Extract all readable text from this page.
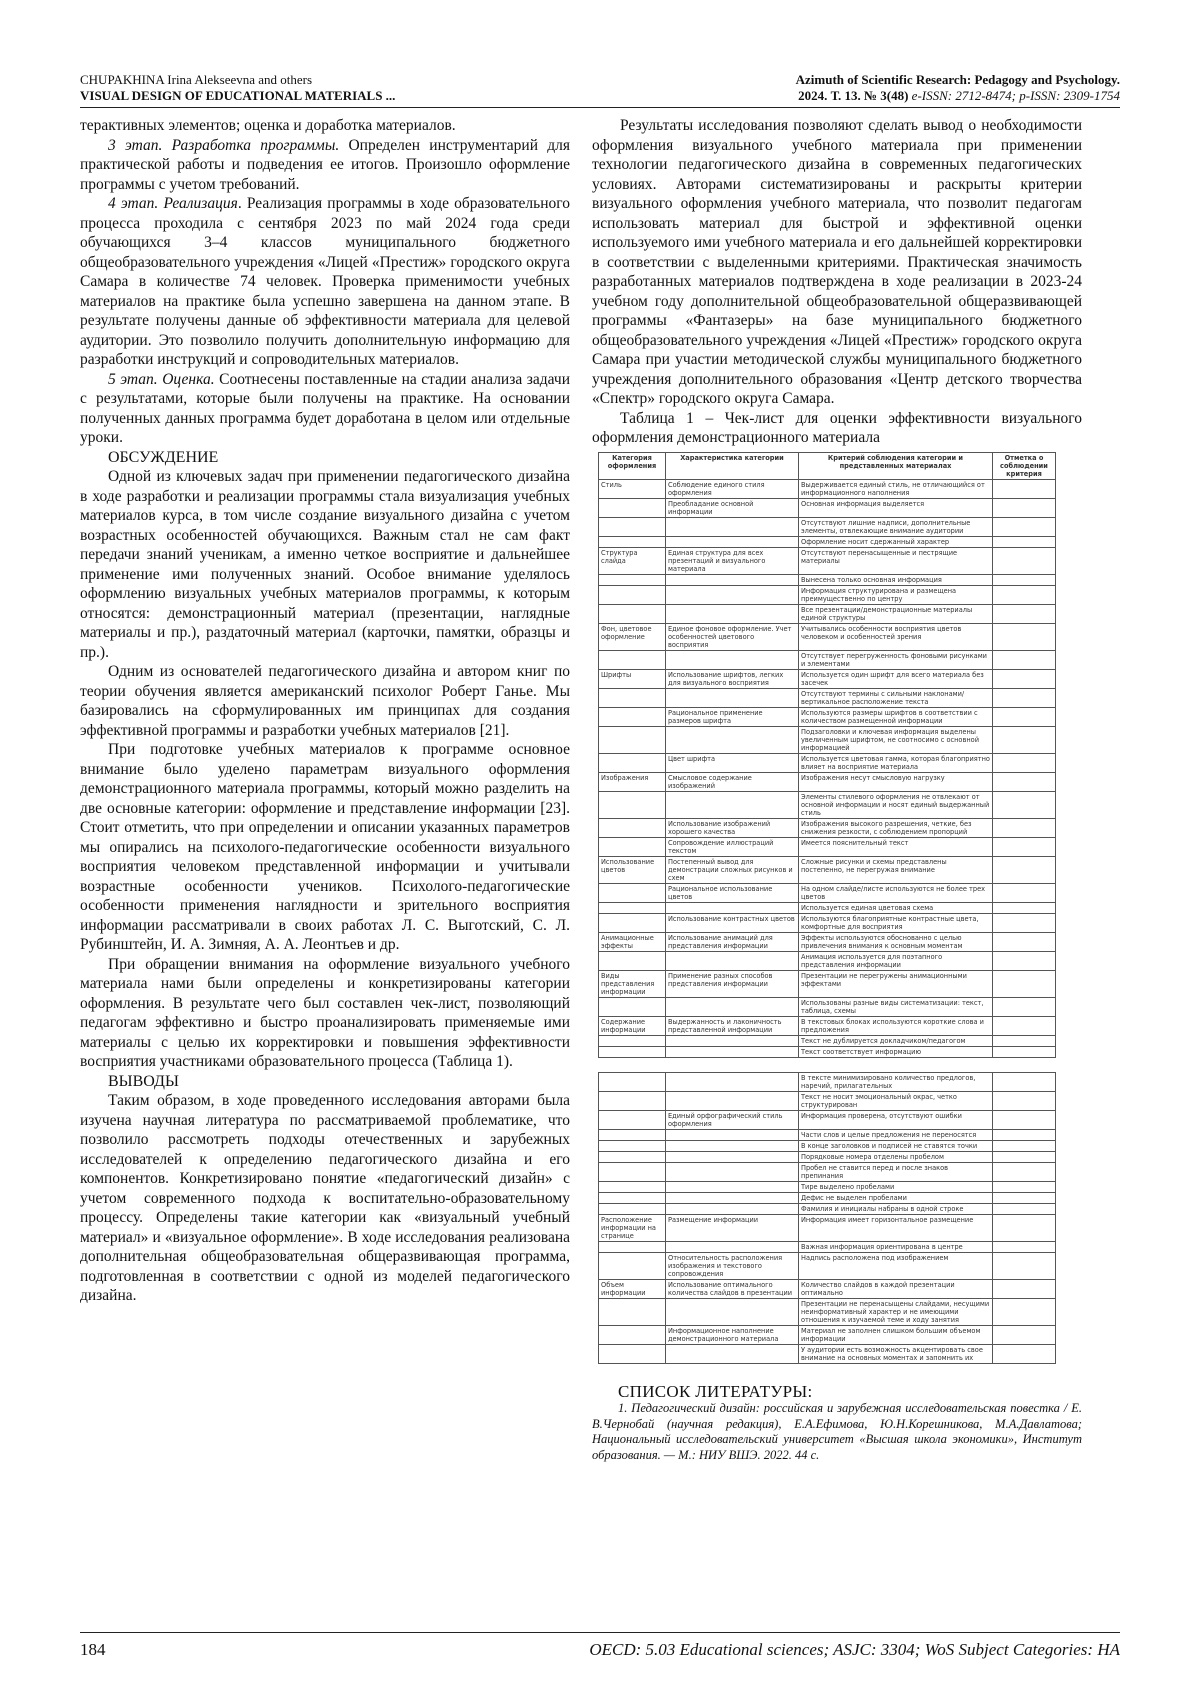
CHUPAKHINA Irina Alekseevna and others
VISUAL DESIGN OF EDUCATIONAL MATERIALS ...
Azimuth of Scientific Research: Pedagogy and Psychology.
2024. Т. 13. № 3(48) e-ISSN: 2712-8474; p-ISSN: 2309-1754

терактивных элементов; оценка и доработка материалов.

3 этап. Разработка программы. Определен инструментарий для практической работы и подведения ее итогов. Произошло оформление программы с учетом требований.

4 этап. Реализация. Реализация программы в ходе образовательного процесса проходила с сентября 2023 по май 2024 года среди обучающихся 3–4 классов муниципального бюджетного общеобразовательного учреждения «Лицей «Престиж» городского округа Самара в количестве 74 человек. Проверка применимости учебных материалов на практике была успешно завершена на данном этапе. В результате получены данные об эффективности материала для целевой аудитории. Это позволило получить дополнительную информацию для разработки инструкций и сопроводительных материалов.

5 этап. Оценка. Соотнесены поставленные на стадии анализа задачи с результатами, которые были получены на практике. На основании полученных данных программа будет доработана в целом или отдельные уроки.

ОБСУЖДЕНИЕ

Одной из ключевых задач при применении педагогического дизайна в ходе разработки и реализации программы стала визуализация учебных материалов курса, в том числе создание визуального дизайна с учетом возрастных особенностей обучающихся. Важным стал не сам факт передачи знаний ученикам, а именно четкое восприятие и дальнейшее применение ими полученных знаний. Особое внимание уделялось оформлению визуальных учебных материалов программы, к которым относятся: демонстрационный материал (презентации, наглядные материалы и пр.), раздаточный материал (карточки, памятки, образцы и пр.).

Одним из основателей педагогического дизайна и автором книг по теории обучения является американский психолог Роберт Ганье. Мы базировались на сформулированных им принципах для создания эффективной программы и разработки учебных материалов [21].

При подготовке учебных материалов к программе основное внимание было уделено параметрам визуального оформления демонстрационного материала программы, который можно разделить на две основные категории: оформление и представление информации [23]. Стоит отметить, что при определении и описании указанных параметров мы опирались на психолого-педагогические особенности визуального восприятия человеком представленной информации и учитывали возрастные особенности учеников. Психолого-педагогические особенности применения наглядности и зрительного восприятия информации рассматривали в своих работах Л. С. Выготский, С. Л. Рубинштейн, И. А. Зимняя, А. А. Леонтьев и др.

При обращении внимания на оформление визуального учебного материала нами были определены и конкретизированы категории оформления. В результате чего был составлен чек-лист, позволяющий педагогам эффективно и быстро проанализировать применяемые ими материалы с целью их корректировки и повышения эффективности восприятия участниками образовательного процесса (Таблица 1).

ВЫВОДЫ

Таким образом, в ходе проведенного исследования авторами была изучена научная литература по рассматриваемой проблематике, что позволило рассмотреть подходы отечественных и зарубежных исследователей к определению педагогического дизайна и его компонентов. Конкретизировано понятие «педагогический дизайн» с учетом современного подхода к воспитательно-образовательному процессу. Определены такие категории как «визуальный учебный материал» и «визуальное оформление». В ходе исследования реализована дополнительная общеобразовательная общеразвивающая программа, подготовленная в соответствии с одной из моделей педагогического дизайна.

Результаты исследования позволяют сделать вывод о необходимости оформления визуального учебного материала при применении технологии педагогического дизайна в современных педагогических условиях. Авторами систематизированы и раскрыты критерии визуального оформления учебного материала, что позволит педагогам использовать материал для быстрой и эффективной оценки используемого ими учебного материала и его дальнейшей корректировки в соответствии с выделенными критериями. Практическая значимость разработанных материалов подтверждена в ходе реализации в 2023-24 учебном году дополнительной общеобразовательной общеразвивающей программы «Фантазеры» на базе муниципального бюджетного общеобразовательного учреждения «Лицей «Престиж» городского округа Самара при участии методической службы муниципального бюджетного учреждения дополнительного образования «Центр детского творчества «Спектр» городского округа Самара.

Таблица 1 – Чек-лист для оценки эффективности визуального оформления демонстрационного материала

Категория оформления	Характеристика категории	Критерий соблюдения категории и представленных материалах	Отметка о соблюдении критерия
Стиль	Соблюдение единого стиля оформления	Выдерживается единый стиль, не отличающийся от информационного наполнения	
	Преобладание основной информации	Основная информация выделяется	
		Отсутствуют лишние надписи, дополнительные элементы, отвлекающие внимание аудитории	
		Оформление носит сдержанный характер	
Структура слайда	Единая структура для всех презентаций и визуального материала	Отсутствуют перенасыщенные и пестрящие материалы	
		Вынесена только основная информация	
		Информация структурирована и размещена преимущественно по центру	
		Все презентации/демонстрационные материалы единой структуры	
Фон, цветовое оформление	Единое фоновое оформление. Учет особенностей цветового восприятия	Учитывались особенности восприятия цветов человеком и особенностей зрения	
		Отсутствует перегруженность фоновыми рисунками и элементами	
Шрифты	Использование шрифтов, легких для визуального восприятия	Используется один шрифт для всего материала без засечек	
		Отсутствуют термины с сильными наклонами/вертикальное расположение текста	
	Рациональное применение размеров шрифта	Используются размеры шрифтов в соответствии с количеством размещенной информации	
		Подзаголовки и ключевая информация выделены увеличенным шрифтом, не соотносимо с основной информацией	
	Цвет шрифта	Используется цветовая гамма, которая благоприятно влияет на восприятие материала	
Изображения	Смысловое содержание изображений	Изображения несут смысловую нагрузку	
		Элементы стилевого оформления не отвлекают от основной информации и носят единый выдержанный стиль	
	Использование изображений хорошего качества	Изображения высокого разрешения, четкие, без снижения резкости, с соблюдением пропорций	
	Сопровождение иллюстраций текстом	Имеется пояснительный текст	
Использование цветов	Постепенный вывод для демонстрации сложных рисунков и схем	Сложные рисунки и схемы представлены постепенно, не перегружая внимание	
	Рациональное использование цветов	На одном слайде/листе используются не более трех цветов	
		Используется единая цветовая схема	
	Использование контрастных цветов	Используются благоприятные контрастные цвета, комфортные для восприятия	
Анимационные эффекты	Использование анимаций для представления информации	Эффекты используются обоснованно с целью привлечения внимания к основным моментам	
		Анимация используется для поэтапного представления информации	
Виды представления информации	Применение разных способов представления информации	Презентации не перегружены анимационными эффектами	
		Использованы разные виды систематизации: текст, таблица, схемы	
Содержание информации	Выдержанность и лаконичность представленной информации	В текстовых блоках используются короткие слова и предложения	
		Текст не дублируется докладчиком/педагогом	
		Текст соответствует информацию	
		В тексте минимизировано количество предлогов, наречий, прилагательных	
		Текст не носит эмоциональный окрас, четко структурирован	
	Единый орфографический стиль оформления	Информация проверена, отсутствуют ошибки	
		Части слов и целые предложения не переносятся	
		В конце заголовков и подписей не ставятся точки	
		Порядковые номера отделены пробелом	
		Пробел не ставится перед и после знаков препинания	
		Тире выделено пробелами	
		Дефис не выделен пробелами	
		Фамилия и инициалы набраны в одной строке	
Расположение информации на странице	Размещение информации	Информация имеет горизонтальное размещение	
		Важная информация ориентирована в центре	
	Относительность расположения изображения и текстового сопровождения	Надпись расположена под изображением	
Объем информации	Использование оптимального количества слайдов в презентации	Количество слайдов в каждой презентации оптимально	
		Презентации не перенасыщены слайдами, несущими неинформативный характер и не имеющими отношения к изучаемой теме и ходу занятия	
	Информационное наполнение демонстрационного материала	Материал не заполнен слишком большим объемом информации	
		У аудитории есть возможность акцентировать свое внимание на основных моментах и запомнить их	
СПИСОК ЛИТЕРАТУРЫ:

1. Педагогический дизайн: российская и зарубежная исследовательская повестка / Е. В.Чернобай (научная редакция), Е.А.Ефимова, Ю.Н.Корешникова, М.А.Давлатова; Национальный исследовательский университет «Высшая школа экономики», Институт образования. — М.: НИУ ВШЭ. 2022. 44 с.

184	OECD: 5.03 Educational sciences; ASJC: 3304; WoS Subject Categories: HA
